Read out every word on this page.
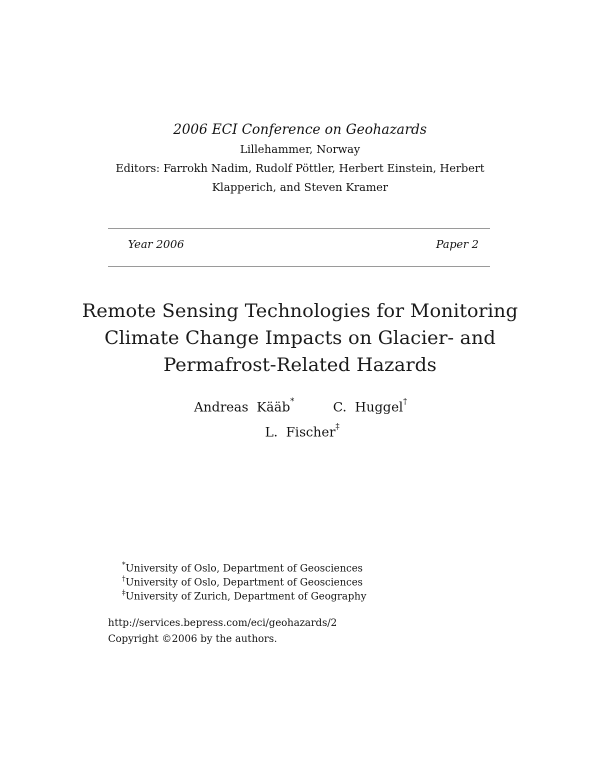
2006 ECI Conference on Geohazards
Lillehammer, Norway
Editors: Farrokh Nadim, Rudolf Pöttler, Herbert Einstein, Herbert
Klapperich, and Steven Kramer
Year 2006	Paper 2
Remote Sensing Technologies for Monitoring
Climate Change Impacts on Glacier- and
Permafrost-Related Hazards
Andreas  Kääb*	C.  Huggel†
L.  Fischer‡
*University of Oslo, Department of Geosciences
†University of Oslo, Department of Geosciences
‡University of Zurich, Department of Geography
http://services.bepress.com/eci/geohazards/2
Copyright ©2006 by the authors.
